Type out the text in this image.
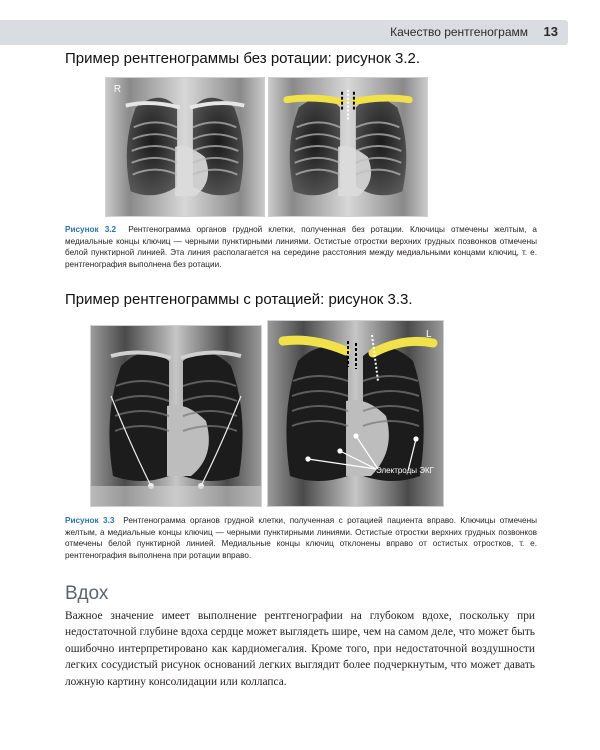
Качество рентгенограмм 13
Пример рентгенограммы без ротации: рисунок 3.2.
R
Рисунок 3.2 Рентгенограмма органов грудной клетки, полученная без ротации. Ключицы отмечены желтым, а медиальные концы ключиц — черными пунктирными линиями. Остистые отростки верхних грудных позвонков отмечены белой пунктирной линией. Эта линия располагается на середине расстояния между медиальными концами ключиц, т. е. рентгенография выполнена без ротации.
Пример рентгенограммы с ротацией: рисунок 3.3.
L
Электроды ЭКГ
Рисунок 3.3 Рентгенограмма органов грудной клетки, полученная с ротацией пациента вправо. Ключицы отмечены желтым, а медиальные концы ключиц — черными пунктирными линиями. Остистые отростки верхних грудных позвонков отмечены белой пунктирной линией. Медиальные концы ключиц отклонены вправо от остистых отростков, т. е. рентгенография выполнена при ротации вправо.
Вдох

Важное значение имеет выполнение рентгенографии на глубоком вдохе, поскольку при недостаточной глубине вдоха сердце может выглядеть шире, чем на самом деле, что может быть ошибочно интерпретировано как кардиомегалия. Кроме того, при недостаточной воздушности легких сосудистый рисунок оснований легких выглядит более подчеркнутым, что может давать ложную картину консолидации или коллапса.
